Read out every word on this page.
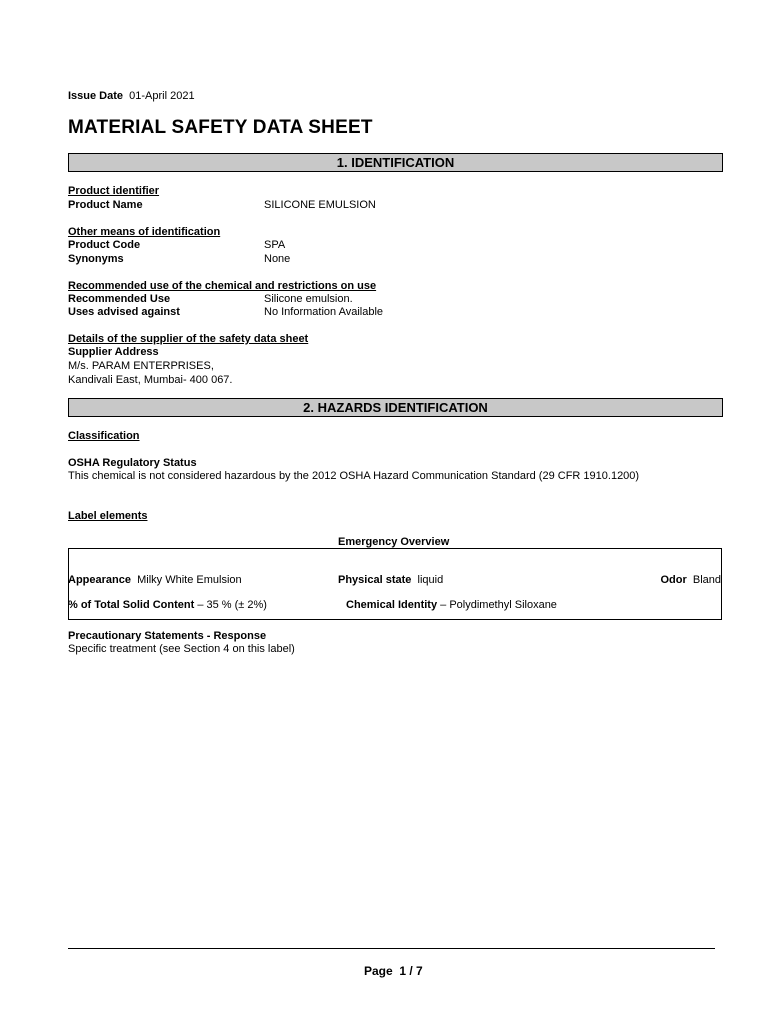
Issue Date 01-April 2021
MATERIAL SAFETY DATA SHEET
1. IDENTIFICATION
Product identifier
Product Name	SILICONE EMULSION
Other means of identification
Product Code	SPA
Synonyms	None
Recommended use of the chemical and restrictions on use
Recommended Use	Silicone emulsion.
Uses advised against	No Information Available
Details of the supplier of the safety data sheet
Supplier Address
M/s. PARAM ENTERPRISES,
Kandivali East, Mumbai- 400 067.
2. HAZARDS IDENTIFICATION
Classification
OSHA Regulatory Status
This chemical is not considered hazardous by the 2012 OSHA Hazard Communication Standard (29 CFR 1910.1200)
Label elements
Emergency Overview
Appearance Milky White Emulsion	Physical state liquid	Odor Bland
% of Total Solid Content – 35 % (± 2%)	Chemical Identity – Polydimethyl Siloxane
Precautionary Statements - Response
Specific treatment (see Section 4 on this label)
Page 1 / 7
